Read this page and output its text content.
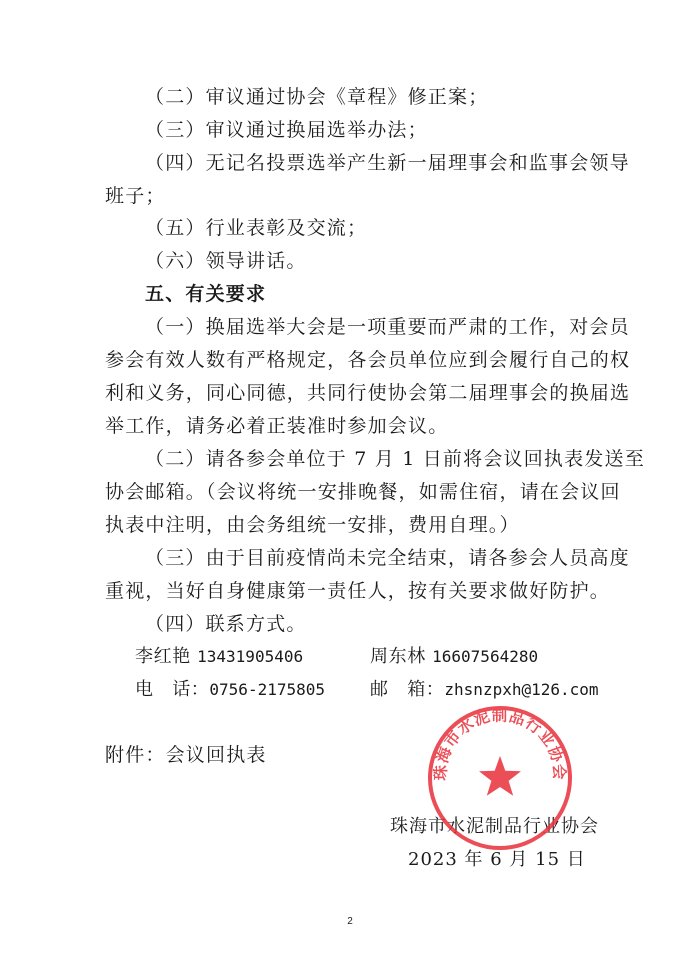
（二）审议通过协会《章程》修正案；
（三）审议通过换届选举办法；
（四）无记名投票选举产生新一届理事会和监事会领导
班子；
（五）行业表彰及交流；
（六）领导讲话。
五、有关要求
（一）换届选举大会是一项重要而严肃的工作，对会员
参会有效人数有严格规定，各会员单位应到会履行自己的权
利和义务，同心同德，共同行使协会第二届理事会的换届选
举工作，请务必着正装准时参加会议。
（二）请各参会单位于 7 月 1 日前将会议回执表发送至
协会邮箱。（会议将统一安排晚餐，如需住宿，请在会议回
执表中注明，由会务组统一安排，费用自理。）
（三）由于目前疫情尚未完全结束，请各参会人员高度
重视，当好自身健康第一责任人，按有关要求做好防护。
（四）联系方式。
李红艳 13431905406	周东林 16607564280
电　话：0756-2175805	邮　箱：zhsnzpxh@126.com
附件：会议回执表
珠海市水泥制品行业协会
2023 年 6 月 15 日
珠海市水泥制品行业协会
2
